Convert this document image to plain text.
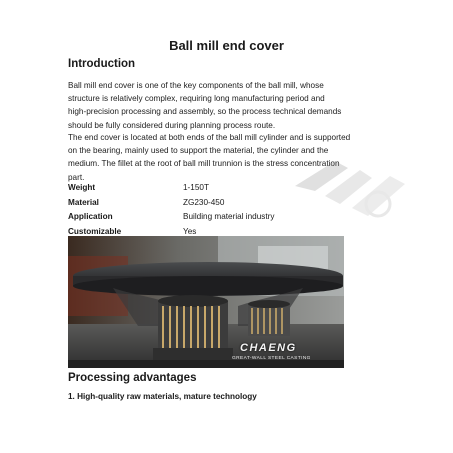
Ball mill end cover
Introduction
Ball mill end cover is one of the key components of the ball mill, whose
structure is relatively complex, requiring long manufacturing period and
high-precision processing and assembly, so the process technical demands
should be fully considered during planning process route.
The end cover is located at both ends of the ball mill cylinder and is supported
on the bearing, mainly used to support the material, the cylinder and the
medium. The fillet at the root of ball mill trunnion is the stress concentration
part.
Weight	1-150T
Material	ZG230-450
Application	Building material industry
Customizable	Yes
CHAENG
GREAT-WALL STEEL CASTING
Processing advantages
1. High-quality raw materials, mature technology
